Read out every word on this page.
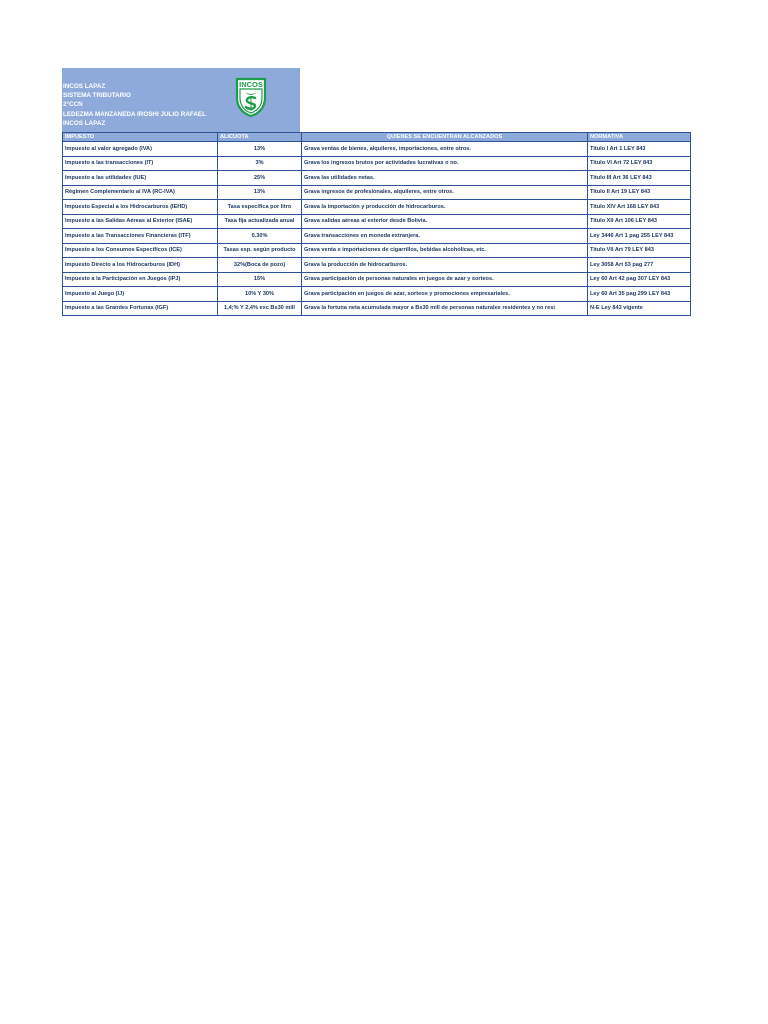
INCOS LAPAZ
SISTEMA TRIBUTARIO
2°CCN
LEDEZMA MANZANEDA IROSHI JULIO RAFAEL
INCOS LAPAZ
INCOS
IMPUESTO	ALICUOTA	QUIENES SE ENCUENTRAN ALCANZADOS	NORMATIVA
Impuesto al valor agregado (IVA)	13%	Grava ventas de bienes, alquileres, importaciones, entre otros.	Titulo I Art 1 LEY 843
Impuesto a las transacciones (IT)	3%	Grava los ingresos brutos por actividades lucrativas o no.	Titulo VI Art 72 LEY 843
Impuesto a las utilidades (IUE)	25%	Grava las utilidades netas.	Titulo III Art 36 LEY 843
Régimen Complementario al IVA (RC-IVA)	13%	Grava ingresos de profesionales, alquileres, entre otros.	Titulo II Art 19 LEY 843
Impuesto Especial a los Hidrocarburos (IEHD)	Tasa específica por litro	Grava la importación y producción de hidrocarburos.	Titulo XIV Art 168 LEY 843
Impuesto a las Salidas Aéreas al Exterior (ISAE)	Tasa fija actualizada anual	Grava salidas aéreas al exterior desde Bolivia.	Titulo XII Art 106 LEY 843
Impuesto a las Transacciones Financieras (ITF)	0.30%	Grava transacciones en moneda extranjera.	Ley 3446 Art 1 pag 255 LEY 843
Impuesto a los Consumos Específicos (ICE)	Tasas esp. según producto	Grava venta e importaciones de cigarrillos, bebidas alcohólicas, etc.	Titulo VII Art 79 LEY 843
Impuesto Directo a los Hidrocarburos (IDH)	32%(Boca de pozo)	Grava la producción de hidrocarburos.	Ley 3058 Art 53 pag 277
Impuesto a la Participación en Juegos (IPJ)	15%	Grava participación de personas naturales en juegos de azar y sorteos.	Ley 60 Art 42 pag 307 LEY 843
Impuesto al Juego (IJ)	10% Y 30%	Grava participación en juegos de azar, sorteos y promociones empresariales.	Ley 60 Art 35 pag 299 LEY 843
Impuesto a las Grandes Fortunas (IGF)	1,4;% Y 2,4% exc Bs30 mill	Grava la fortuna neta acumulada mayor a Bs30 mill de personas naturales residentes y no resi	N-E Ley 843 vigente
